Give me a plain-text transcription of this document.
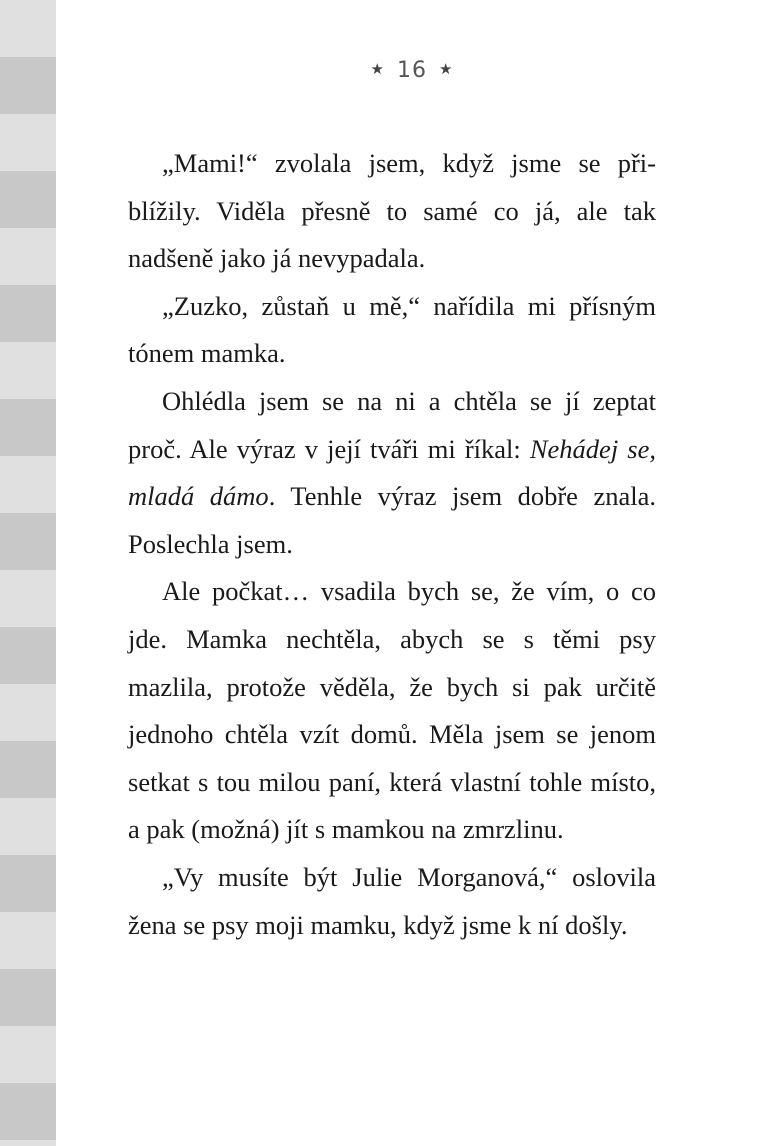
★ 16 ★

„Mami!“ zvolala jsem, když jsme se přiblížily. Viděla přesně to samé co já, ale tak nadšeně jako já nevypadala.

„Zuzko, zůstaň u mě,“ nařídila mi přísným tónem mamka.

Ohlédla jsem se na ni a chtěla se jí zeptat proč. Ale výraz v její tváři mi říkal: Nehádej se, mladá dámo. Tenhle výraz jsem dobře znala. Poslechla jsem.

Ale počkat… vsadila bych se, že vím, o co jde. Mamka nechtěla, abych se s těmi psy mazlila, protože věděla, že bych si pak určitě jednoho chtěla vzít domů. Měla jsem se jenom setkat s tou milou paní, která vlastní tohle místo, a pak (možná) jít s mamkou na zmrzlinu.

„Vy musíte být Julie Morganová,“ oslovila žena se psy moji mamku, když jsme k ní došly.
